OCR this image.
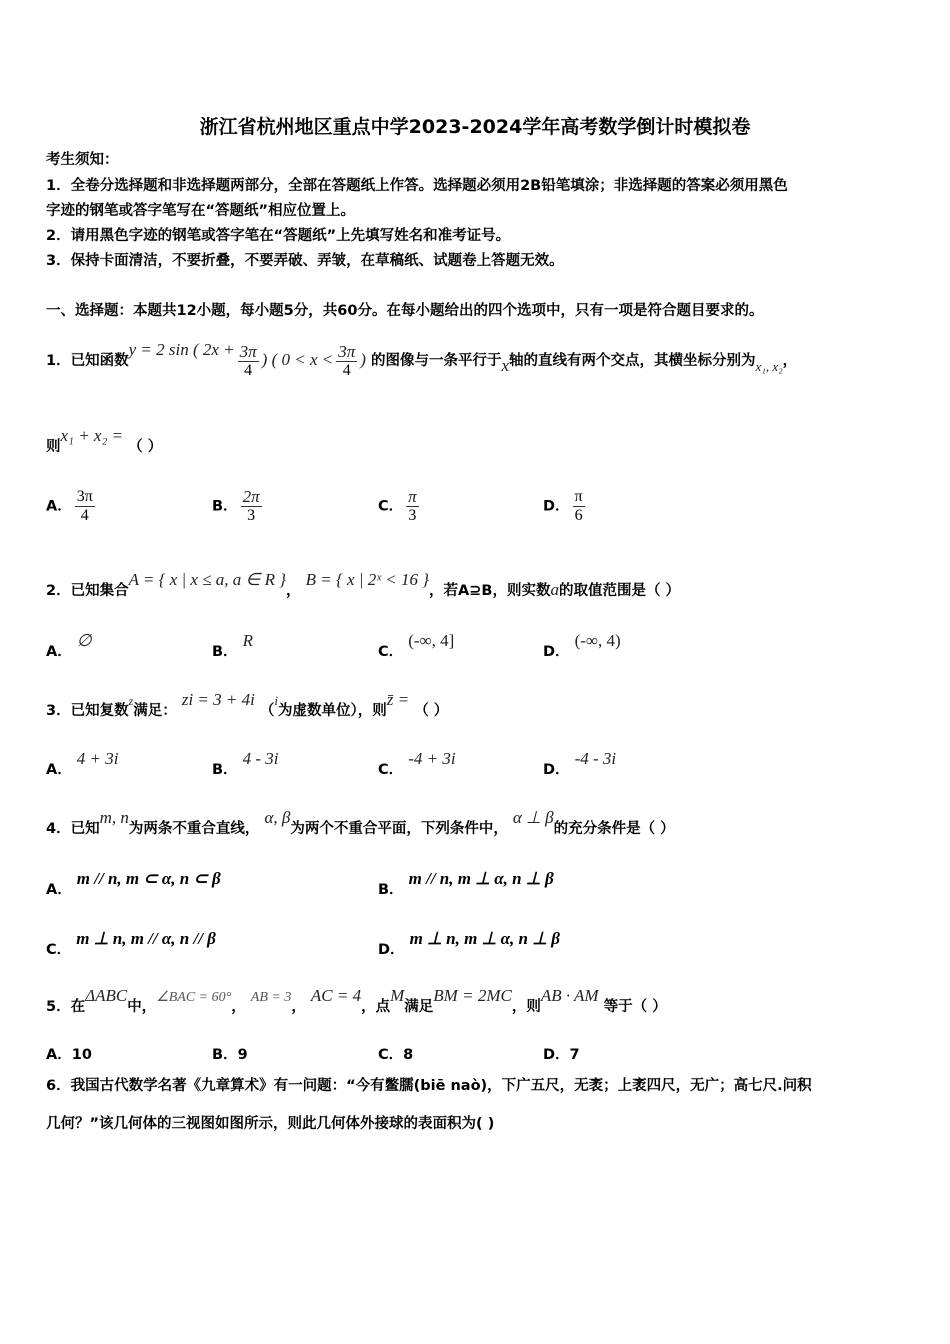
浙江省杭州地区重点中学2023-2024学年高考数学倒计时模拟卷
考生须知：
1．全卷分选择题和非选择题两部分，全部在答题纸上作答。选择题必须用2B铅笔填涂；非选择题的答案必须用黑色
字迹的钢笔或答字笔写在“答题纸”相应位置上。
2．请用黑色字迹的钢笔或答字笔在“答题纸”上先填写姓名和准考证号。
3．保持卡面清洁，不要折叠，不要弄破、弄皱，在草稿纸、试题卷上答题无效。
一、选择题：本题共12小题，每小题5分，共60分。在每小题给出的四个选项中，只有一项是符合题目要求的。
1．已知函数y = 2 sin ( $2x + \frac{3\pi}{4}$ ) ( $0 < x < \frac{3\pi}{4}$ ) 的图像与一条平行于x轴的直线有两个交点，其横坐标分别为x₁, x₂，
则x₁ + x₂ = （ ）
A． $\frac{3\pi}{4}$	B． $\frac{2\pi}{3}$	C． $\frac{\pi}{3}$	D． $\frac{\pi}{6}$
2．已知集合A = { x | x ≤ a, a ∈ R }， B = { x | 2ˣ < 16 }，若A⊇B，则实数a的取值范围是（ ）
A． ∅
B． R
C． (-∞, 4]
D． (-∞, 4)
3．已知复数$^z$满足： zi = 3 + 4i （i为虚数单位），则z̄ = （ ）
A． 4 + 3i
B． 4 - 3i
C． -4 + 3i
D． -4 - 3i
4．已知m, n为两条不重合直线， α, β为两个不重合平面，下列条件中， α ⊥ β的充分条件是（ ）
A． m // n, m ⊂ α, n ⊂ β
B． m // n, m ⊥ α, n ⊥ β
C． m ⊥ n, m // α, n // β
D． m ⊥ n, m ⊥ α, n ⊥ β
5．在ΔABC中，∠BAC = 60°， AB = 3， AC = 4，点M满足BM = 2MC，则AB · AM 等于（ ）
A．10	B．9	C．8	D．7
6．我国古代数学名著《九章算术》有一问题：“今有鳖臑(biē naò)，下广五尺，无袤；上袤四尺，无广；高七尺.问积
几何？”该几何体的三视图如图所示，则此几何体外接球的表面积为( )
